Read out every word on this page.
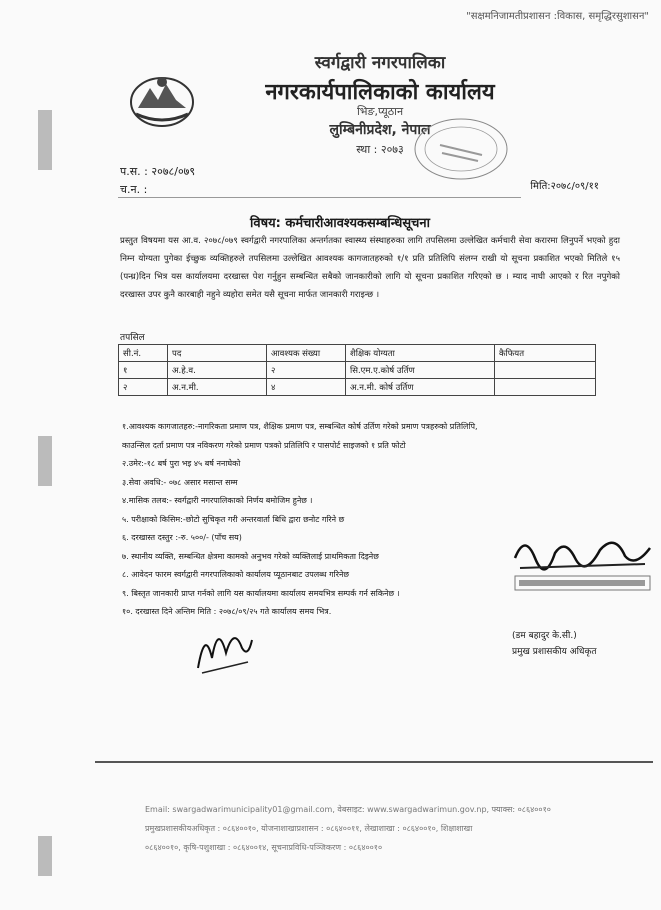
"सक्षमनिजामतीप्रशासन :विकास, समृद्धिरसुशासन"
स्वर्गद्वारी नगरपालिका
नगरकार्यपालिकाको कार्यालय
भिङ,प्यूठान
लुम्बिनीप्रदेश, नेपाल
स्था : २०७३
प.स. : २०७८/०७९
च.न. :	मिति:२०७८/०९/११
विषय: कर्मचारीआवश्यकसम्बन्धिसूचना
प्रस्तुत विषयमा यस आ.व. २०७८/०७९ स्वर्गद्वारी नगरपालिका अन्तर्गतका स्वास्थ्य संस्थाहरुका लागि तपसिलमा उल्लेखित कर्मचारी सेवा करारमा लिनुपर्ने भएको हुदा निम्न योग्यता पुगेका ईच्छुक व्यक्तिहरुले तपसिलमा उल्लेखित आवश्यक कागजातहरुको १/१ प्रति प्रतिलिपि संलग्न राखी यो सूचना प्रकाशित भएको मितिले १५ (पन्ध्र)दिन भित्र यस कार्यालयमा दरखास्त पेश गर्नुहुन सम्बन्धित सबैको जानकारीको लागि यो सूचना प्रकाशित गरिएको छ । म्याद नाघी आएको र रित नपुगेको दरखास्त उपर कुनै कारबाही नहुने व्यहोरा समेत यसै सूचना मार्फत जानकारी गराइन्छ ।
तपसिल
सी.नं.	पद	आवश्यक संख्या	शैक्षिक योग्यता	कैफियत
१	अ.हे.व.	२	सि.एम.ए.कोर्ष उर्तिण	
२	अ.न.मी.	४	अ.न.मी. कोर्ष उर्तिण	
१.आवश्यक कागजातहरु:-नागरिकता प्रमाण पत्र, शैक्षिक प्रमाण पत्र, सम्बन्धित कोर्ष उर्तिण गरेको प्रमाण पत्रहरुको प्रतिलिपि,
काउन्सिल दर्ता प्रमाण पत्र नविकरण गरेको प्रमाण पत्रको प्रतिलिपि र पासपोर्ट साइजको १ प्रति फोटो
२.उमेर:-१८ बर्ष पुरा भइ ४५ बर्ष ननाघेको
३.सेवा अवधि:- ०७८ असार मसान्त सम्म
४.मासिक तलब:- स्वर्गद्वारी नगरपालिकाको निर्णय बमोजिम हुनेछ ।
५. परीक्षाको किसिम:-छोटो सुचिकृत गरी अन्तरवार्ता बिधि द्वारा छनोट गरिने छ
६. दरखास्त दस्तुर :-रु. ५००/- (पाँच सय)
७. स्थानीय व्यक्ति, सम्बन्धित क्षेत्रमा कामको अनुभव गरेको व्यक्तिलाई प्राथमिकता दिइनेछ
८. आवेदन फारम स्वर्गद्वारी नगरपालिकाको कार्यालय प्यूठानबाट उपलब्ध गरिनेछ
९. बिस्तृत जानकारी प्राप्त गर्नको लागि यस कार्यालयमा कार्यालय समयभित्र सम्पर्क गर्न सकिनेछ ।
१०. दरखास्त दिने अन्तिम मिति : २०७८/०९/२५ गते कार्यालय समय भित्र.
(डम बहादुर के.सी.)
प्रमुख प्रशासकीय अधिकृत
Email: swargadwarimunicipality01@gmail.com, वेबसाइट: www.swargadwarimun.gov.np, फ्याक्स: ०८६४००१०
प्रमुखप्रशासकीयअधिकृत : ०८६४००१०, योजनाशाखाप्रशासन : ०८६४००११, लेखाशाखा : ०८६४००१०, शिक्षाशाखा
०८६४००१०, कृषि-पशुशाखा : ०८६४००१४, सूचनाप्रविधि-पञ्जिकरण : ०८६४००१०
